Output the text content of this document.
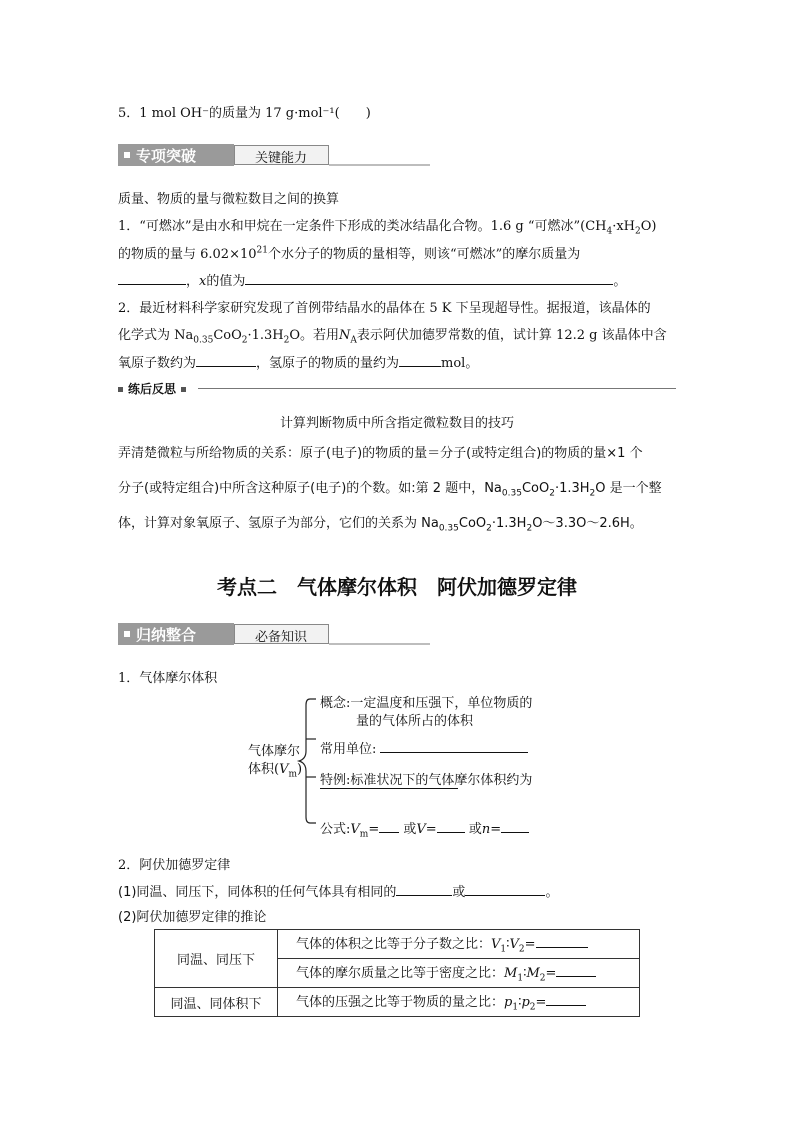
5．1 mol OH⁻的质量为 17 g·mol⁻¹(　　)
专项突破	关键能力
质量、物质的量与微粒数目之间的换算
1．“可燃冰”是由水和甲烷在一定条件下形成的类冰结晶化合物。1.6 g “可燃冰$”(CH_4\cdot xH_2O)$
的物质的量与 $6.02\times 10^{21}$个水分子的物质的量相等，则该“可燃冰”的摩尔质量为
，x的值为	。
2．最近材料科学家研究发现了首例带结晶水的晶体在 5 K 下呈现超导性。据报道，该晶体的
化学式为 $Na_{0.35}CoO_2\cdot 1.3H_2O$。若用$N_A$表示阿伏加德罗常数的值，试计算 12.2 g 该晶体中含
氧原子数约为	，氢原子的物质的量约为	mol。
练后反思
计算判断物质中所含指定微粒数目的技巧
弄清楚微粒与所给物质的关系：原子(电子)的物质的量＝分子(或特定组合)的物质的量×1 个
分子(或特定组合)中所含这种原子(电子)的个数。如:第 2 题中，$Na_{0.35}CoO_2\cdot 1.3H_2O$ 是一个整
体，计算对象氧原子、氢原子为部分，它们的关系为 $Na_{0.35}CoO_2\cdot 1.3H_2O\sim 3.3O\sim 2.6H$。
考点二　气体摩尔体积　阿伏加德罗定律
归纳整合	必备知识
1．气体摩尔体积
气体摩尔
体积$(V_m)$
概念:一定温度和压强下，单位物质的
量的气体所占的体积
常用单位:
特例:标准状况下的气体摩尔体积约为
公式$:V_m=$ 或V= 或n=
2．阿伏加德罗定律
(1)同温、同压下，同体积的任何气体具有相同的	或	。
(2)阿伏加德罗定律的推论
同温、同压下	气体的体积之比等于分子数之比：$V_1∶V_2=$
	气体的摩尔质量之比等于密度之比：$M_1∶M_2=$
同温、同体积下	气体的压强之比等于物质的量之比：$p_1∶p_2=$
